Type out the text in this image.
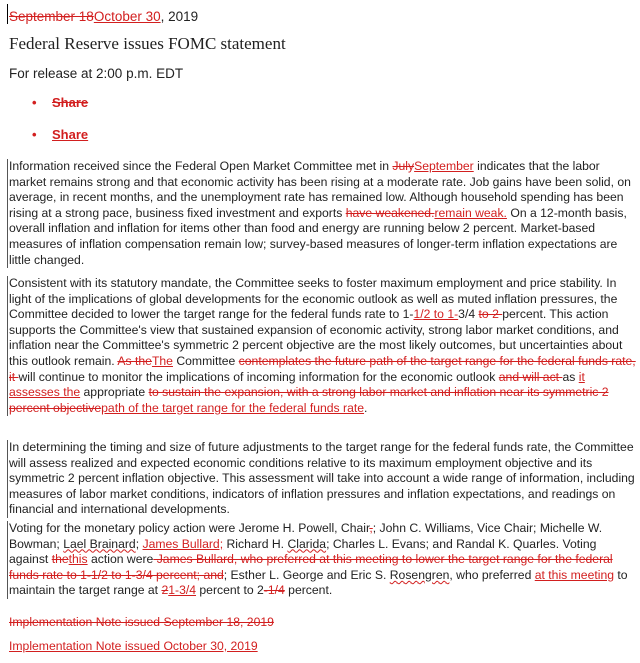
September 18October 30, 2019
Federal Reserve issues FOMC statement
For release at 2:00 p.m. EDT
• Share
• Share

Information received since the Federal Open Market Committee met in JulySeptember indicates that the labor market remains strong and that economic activity has been rising at a moderate rate. Job gains have been solid, on average, in recent months, and the unemployment rate has remained low. Although household spending has been rising at a strong pace, business fixed investment and exports have weakened.remain weak. On a 12-month basis, overall inflation and inflation for items other than food and energy are running below 2 percent. Market-based measures of inflation compensation remain low; survey-based measures of longer-term inflation expectations are little changed.

Consistent with its statutory mandate, the Committee seeks to foster maximum employment and price stability. In light of the implications of global developments for the economic outlook as well as muted inflation pressures, the Committee decided to lower the target range for the federal funds rate to 1-1/2 to 1-3/4 to 2 percent. This action supports the Committee's view that sustained expansion of economic activity, strong labor market conditions, and inflation near the Committee's symmetric 2 percent objective are the most likely outcomes, but uncertainties about this outlook remain. As theThe Committee contemplates the future path of the target range for the federal funds rate, it will continue to monitor the implications of incoming information for the economic outlook and will act as it assesses the appropriate to sustain the expansion, with a strong labor market and inflation near its symmetric 2 percent objectivepath of the target range for the federal funds rate.

In determining the timing and size of future adjustments to the target range for the federal funds rate, the Committee will assess realized and expected economic conditions relative to its maximum employment objective and its symmetric 2 percent inflation objective. This assessment will take into account a wide range of information, including measures of labor market conditions, indicators of inflation pressures and inflation expectations, and readings on financial and international developments.

Voting for the monetary policy action were Jerome H. Powell, Chair,; John C. Williams, Vice Chair; Michelle W. Bowman; Lael Brainard; James Bullard; Richard H. Clarida; Charles L. Evans; and Randal K. Quarles. Voting against thethis action were James Bullard, who preferred at this meeting to lower the target range for the federal funds rate to 1-1/2 to 1-3/4 percent; and; Esther L. George and Eric S. Rosengren, who preferred at this meeting to maintain the target range at 21-3/4 percent to 2-1/4 percent.

Implementation Note issued September 18, 2019
Implementation Note issued October 30, 2019
